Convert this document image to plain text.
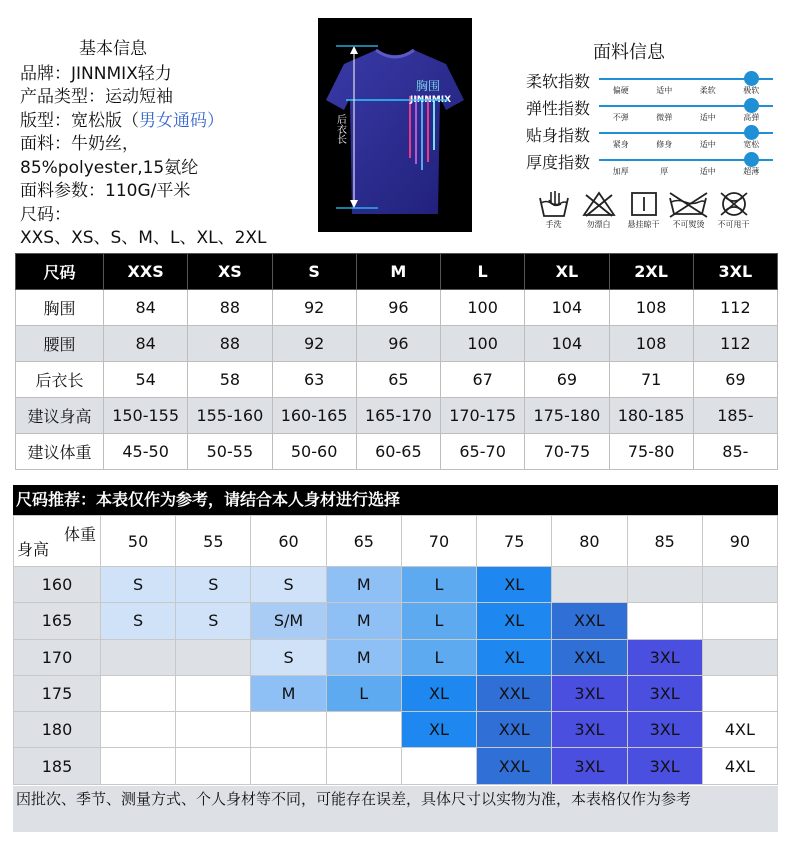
基本信息
品牌：JINNMIX轻力
产品类型：运动短袖
版型：宽松版（男女通码）
面料：牛奶丝，
85%polyester,15氨纶
面料参数：110G/平米
尺码：
XXS、XS、S、M、L、XL、2XL
胸围
JINNMIX
后衣长
面料信息
柔软指数	偏硬	适中	柔软	极软
弹性指数	不弹	微弹	适中	高弹
贴身指数	紧身	修身	适中	宽松
厚度指数	加厚	厚	适中	超薄
手洗	勿漂白	悬挂晾干	不可熨烫	不可甩干
尺码	XXS	XS	S	M	L	XL	2XL	3XL
胸围	84	88	92	96	100	104	108	112
腰围	84	88	92	96	100	104	108	112
后衣长	54	58	63	65	67	69	71	69
建议身高	150-155	155-160	160-165	165-170	170-175	175-180	180-185	185-
建议体重	45-50	50-55	50-60	60-65	65-70	70-75	75-80	85-
尺码推荐：本表仅作为参考，请结合本人身材进行选择
体重
身高	50	55	60	65	70	75	80	85	90
160	S	S	S	M	L	XL			
165	S	S	S/M	M	L	XL	XXL		
170			S	M	L	XL	XXL	3XL	
175			M	L	XL	XXL	3XL	3XL	
180					XL	XXL	3XL	3XL	4XL
185						XXL	3XL	3XL	4XL
因批次、季节、测量方式、个人身材等不同，可能存在误差，具体尺寸以实物为准，本表格仅作为参考
